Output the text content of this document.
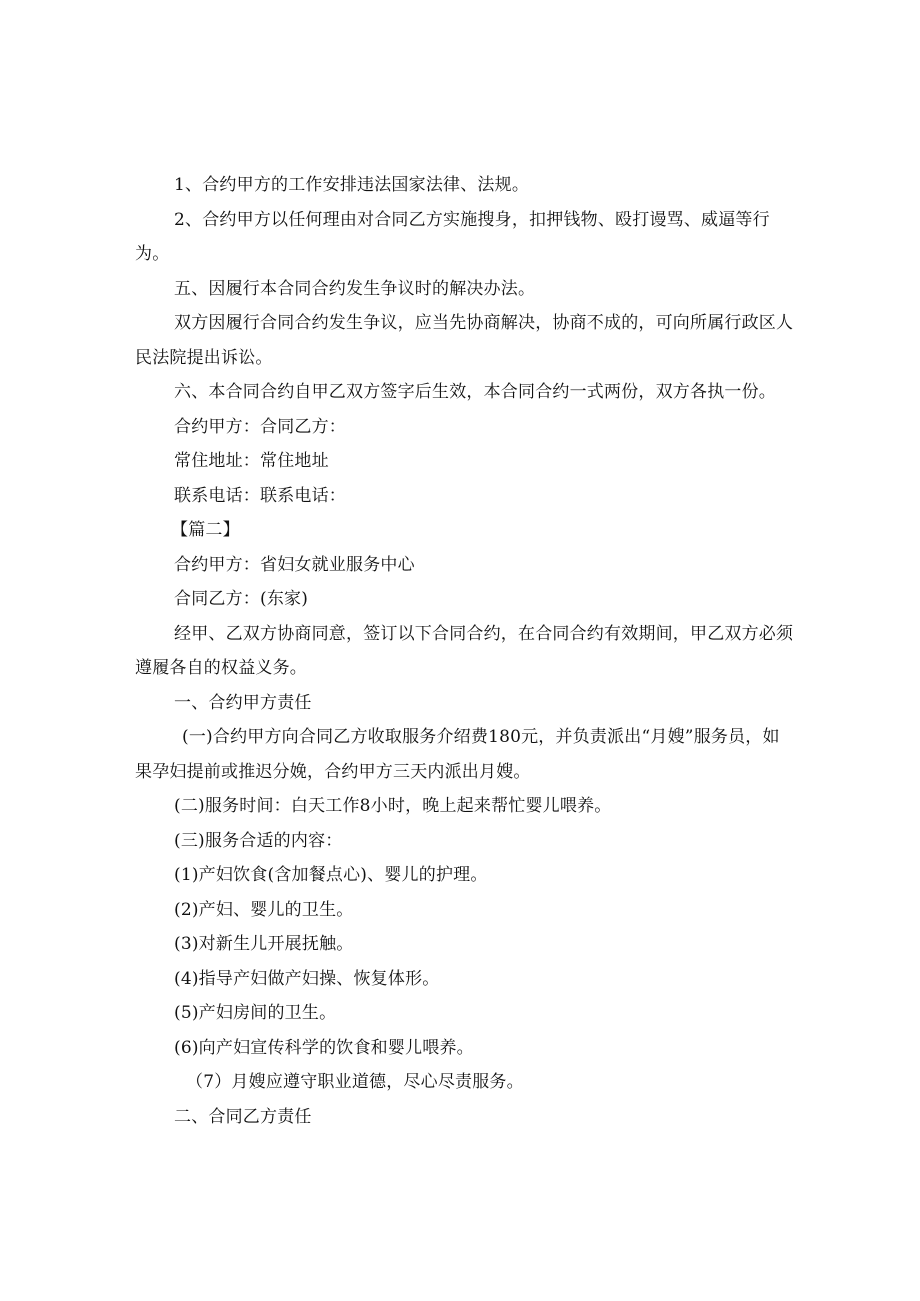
1、合约甲方的工作安排违法国家法律、法规。

2、合约甲方以任何理由对合同乙方实施搜身，扣押钱物、殴打谩骂、威逼等行为。

五、因履行本合同合约发生争议时的解决办法。

双方因履行合同合约发生争议，应当先协商解决，协商不成的，可向所属行政区人民法院提出诉讼。

六、本合同合约自甲乙双方签字后生效，本合同合约一式两份，双方各执一份。

合约甲方：合同乙方：

常住地址：常住地址

联系电话：联系电话：

【篇二】

合约甲方：省妇女就业服务中心

合同乙方：(东家)

经甲、乙双方协商同意，签订以下合同合约，在合同合约有效期间，甲乙双方必须遵履各自的权益义务。

一、合约甲方责任

(一)合约甲方向合同乙方收取服务介绍费180元，并负责派出“月嫂”服务员，如果孕妇提前或推迟分娩，合约甲方三天内派出月嫂。

(二)服务时间：白天工作8小时，晚上起来帮忙婴儿喂养。

(三)服务合适的内容：

(1)产妇饮食(含加餐点心)、婴儿的护理。

(2)产妇、婴儿的卫生。

(3)对新生儿开展抚触。

(4)指导产妇做产妇操、恢复体形。

(5)产妇房间的卫生。

(6)向产妇宣传科学的饮食和婴儿喂养。

（7）月嫂应遵守职业道德，尽心尽责服务。

二、合同乙方责任
